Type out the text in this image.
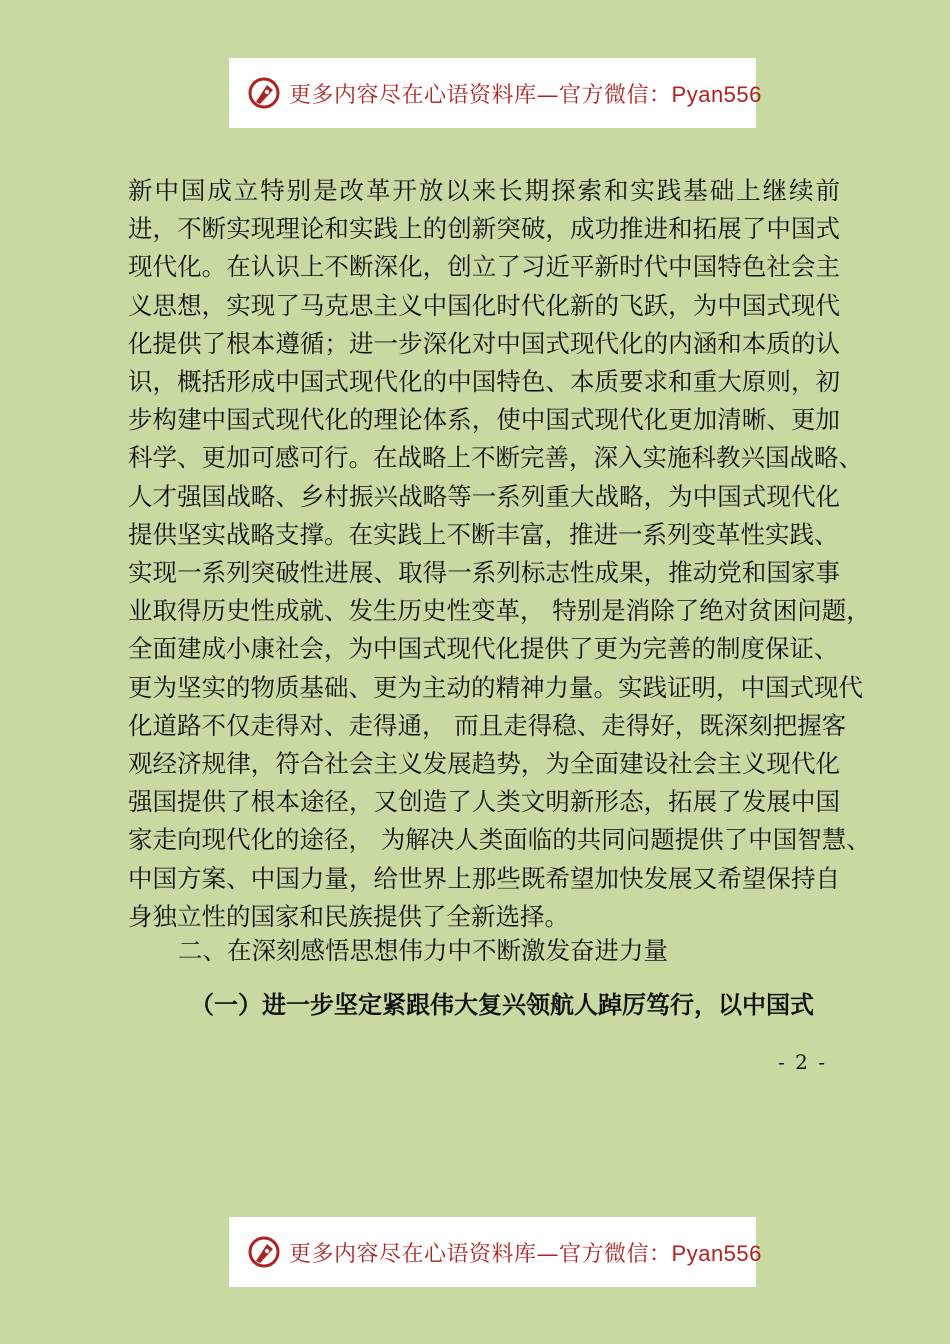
更多内容尽在心语资料库—官方微信：Pyan556
新中国成立特别是改革开放以来长期探索和实践基础上继续前
进，不断实现理论和实践上的创新突破，成功推进和拓展了中国式
现代化。在认识上不断深化，创立了习近平新时代中国特色社会主
义思想，实现了马克思主义中国化时代化新的飞跃，为中国式现代
化提供了根本遵循；进一步深化对中国式现代化的内涵和本质的认
识，概括形成中国式现代化的中国特色、本质要求和重大原则，初
步构建中国式现代化的理论体系，使中国式现代化更加清晰、更加
科学、更加可感可行。在战略上不断完善，深入实施科教兴国战略、
人才强国战略、乡村振兴战略等一系列重大战略，为中国式现代化
提供坚实战略支撑。在实践上不断丰富，推进一系列变革性实践、
实现一系列突破性进展、取得一系列标志性成果，推动党和国家事
业取得历史性成就、发生历史性变革， 特别是消除了绝对贫困问题，
全面建成小康社会，为中国式现代化提供了更为完善的制度保证、
更为坚实的物质基础、更为主动的精神力量。实践证明，中国式现代
化道路不仅走得对、走得通， 而且走得稳、走得好，既深刻把握客
观经济规律，符合社会主义发展趋势，为全面建设社会主义现代化
强国提供了根本途径，又创造了人类文明新形态，拓展了发展中国
家走向现代化的途径， 为解决人类面临的共同问题提供了中国智慧、
中国方案、中国力量，给世界上那些既希望加快发展又希望保持自
身独立性的国家和民族提供了全新选择。
二、在深刻感悟思想伟力中不断激发奋进力量
（一）进一步坚定紧跟伟大复兴领航人踔厉笃行，以中国式
- 2 -
更多内容尽在心语资料库—官方微信：Pyan556
